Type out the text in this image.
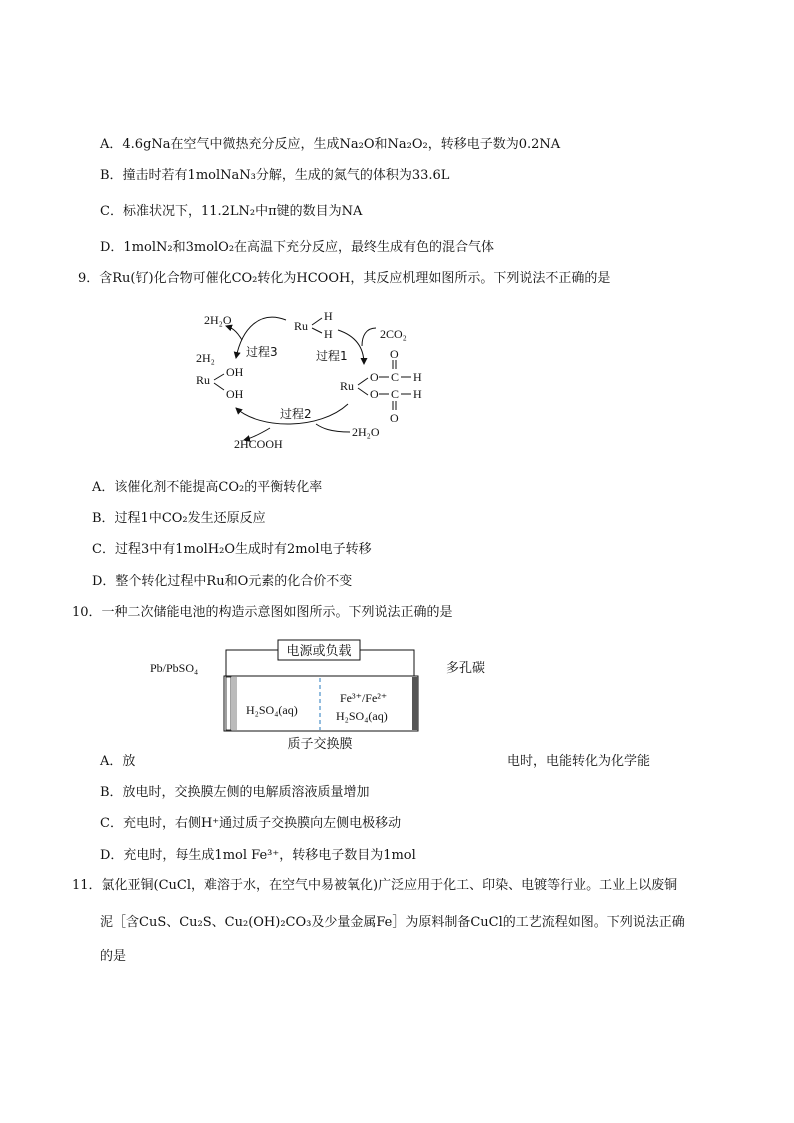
A．4.6gNa在空气中微热充分反应，生成Na₂O和Na₂O₂，转移电子数为0.2NA
B．撞击时若有1molNaN₃分解，生成的氮气的体积为33.6L
C．标准状况下，11.2LN₂中π键的数目为NA
D．1molN₂和3molO₂在高温下充分反应，最终生成有色的混合气体
9．含Ru(钌)化合物可催化CO₂转化为HCOOH，其反应机理如图所示。下列说法不正确的是
Ru
H
H
2H₂O
2H₂	过程3
2CO₂
过程1
Ru
OH
OH
Ru
O
O
C
C
H
H
O
O
过程2
2HCOOH
2H₂O
A．该催化剂不能提高CO₂的平衡转化率
B．过程1中CO₂发生还原反应
C．过程3中有1molH₂O生成时有2mol电子转移
D．整个转化过程中Ru和O元素的化合价不变
10．一种二次储能电池的构造示意图如图所示。下列说法正确的是
电源或负载
Pb/PbSO₄	多孔碳
H₂SO₄(aq)
Fe³⁺/Fe²⁺
H₂SO₄(aq)
质子交换膜
A．放	电时，电能转化为化学能
B．放电时，交换膜左侧的电解质溶液质量增加
C．充电时，右侧H⁺通过质子交换膜向左侧电极移动
D．充电时，每生成1mol Fe³⁺，转移电子数目为1mol
11．氯化亚铜(CuCl，难溶于水，在空气中易被氧化)广泛应用于化工、印染、电镀等行业。工业上以废铜
泥［含CuS、Cu₂S、Cu₂(OH)₂CO₃及少量金属Fe］为原料制备CuCl的工艺流程如图。下列说法正确
的是
